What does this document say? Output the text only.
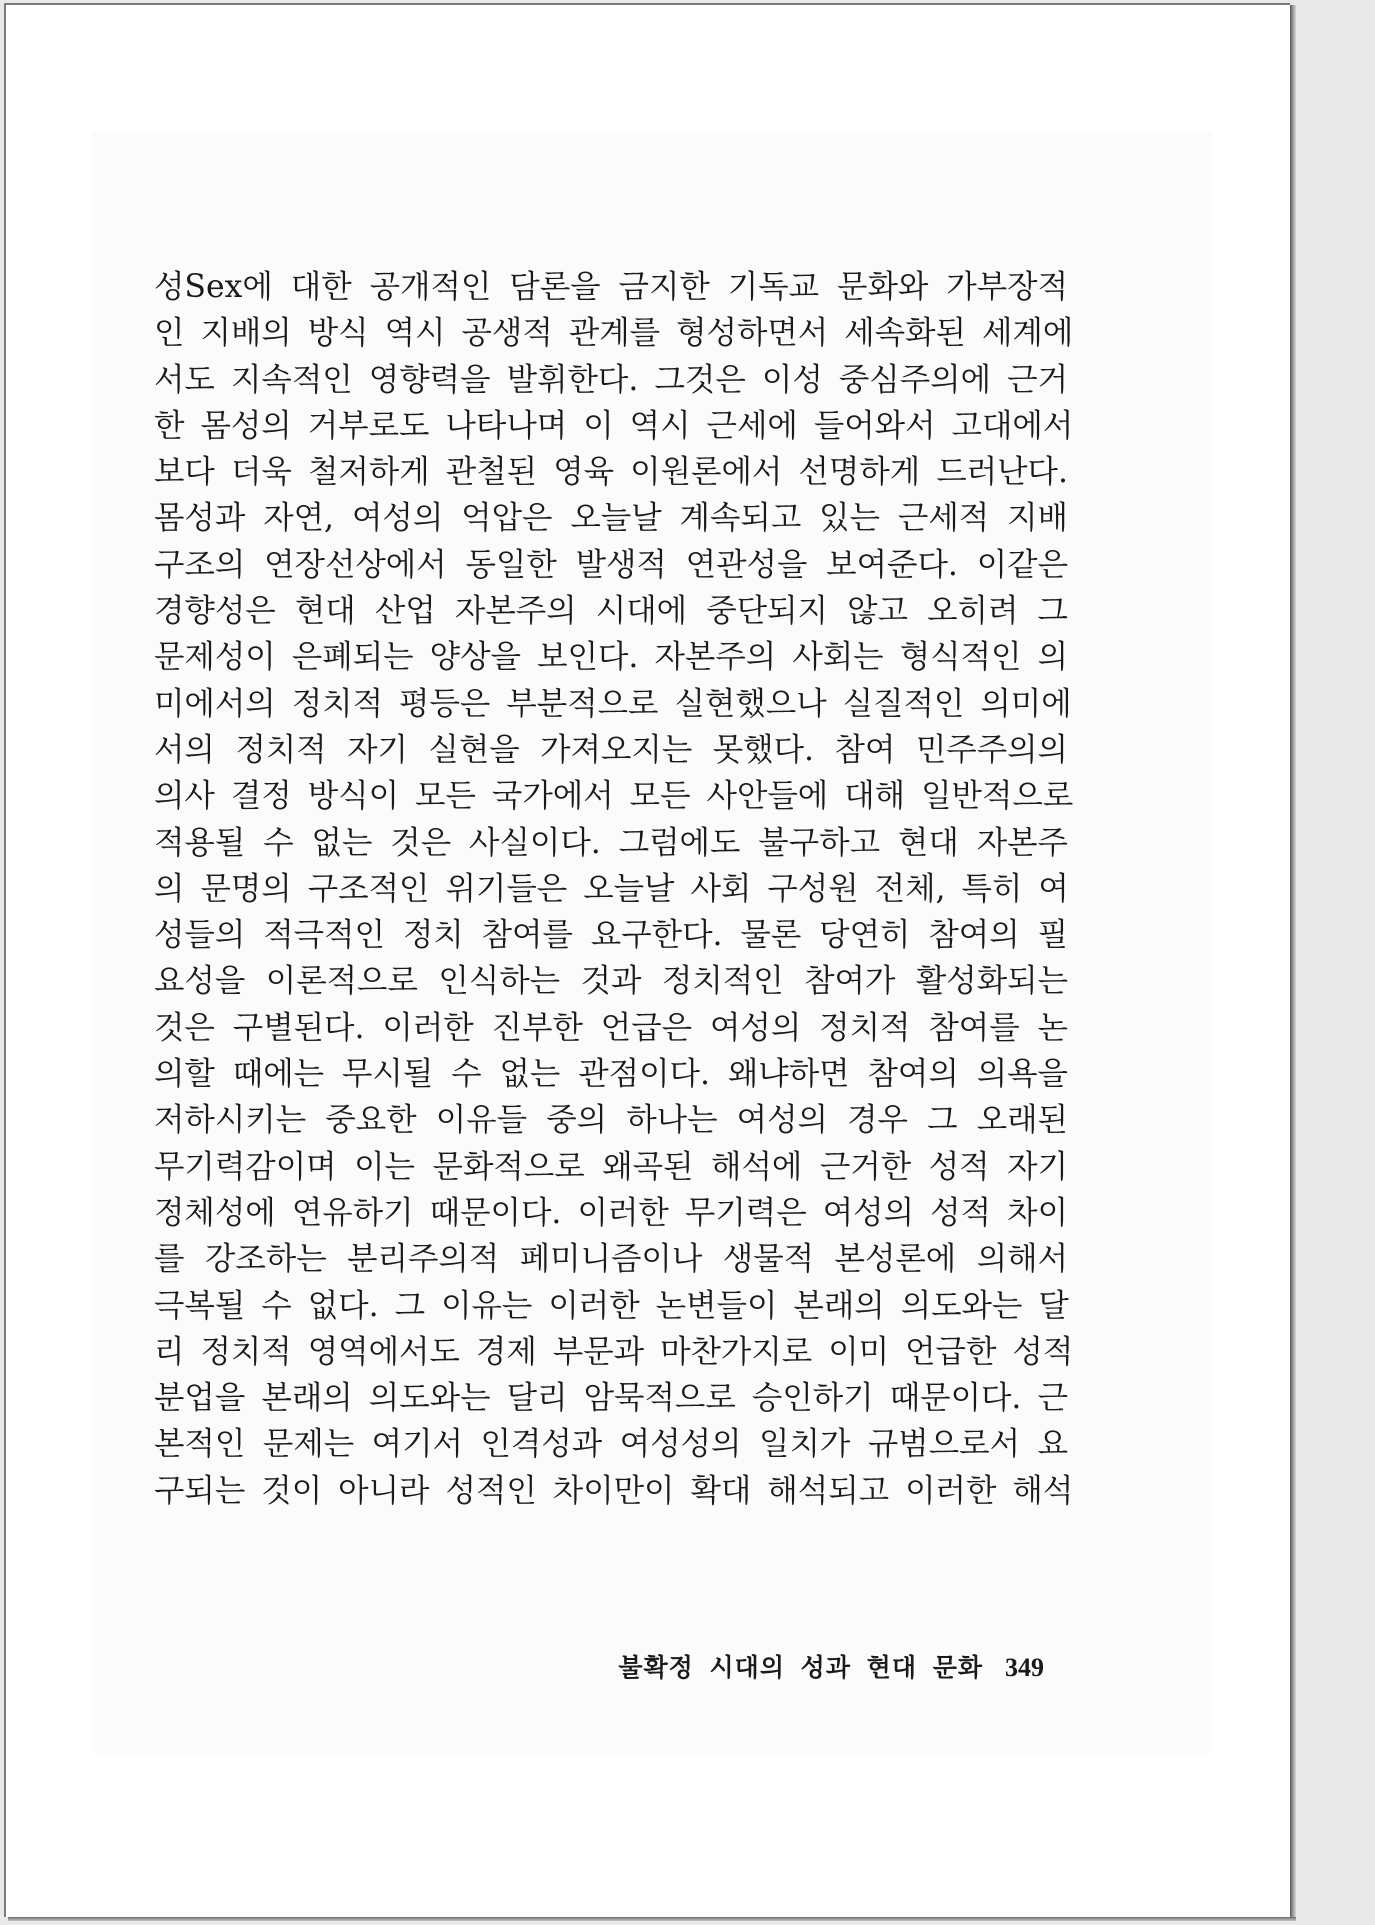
성Sex에 대한 공개적인 담론을 금지한 기독교 문화와 가부장적
인 지배의 방식 역시 공생적 관계를 형성하면서 세속화된 세계에
서도 지속적인 영향력을 발휘한다. 그것은 이성 중심주의에 근거
한 몸성의 거부로도 나타나며 이 역시 근세에 들어와서 고대에서
보다 더욱 철저하게 관철된 영육 이원론에서 선명하게 드러난다.
몸성과 자연, 여성의 억압은 오늘날 계속되고 있는 근세적 지배
구조의 연장선상에서 동일한 발생적 연관성을 보여준다. 이같은
경향성은 현대 산업 자본주의 시대에 중단되지 않고 오히려 그
문제성이 은폐되는 양상을 보인다. 자본주의 사회는 형식적인 의
미에서의 정치적 평등은 부분적으로 실현했으나 실질적인 의미에
서의 정치적 자기 실현을 가져오지는 못했다. 참여 민주주의의
의사 결정 방식이 모든 국가에서 모든 사안들에 대해 일반적으로
적용될 수 없는 것은 사실이다. 그럼에도 불구하고 현대 자본주
의 문명의 구조적인 위기들은 오늘날 사회 구성원 전체, 특히 여
성들의 적극적인 정치 참여를 요구한다. 물론 당연히 참여의 필
요성을 이론적으로 인식하는 것과 정치적인 참여가 활성화되는
것은 구별된다. 이러한 진부한 언급은 여성의 정치적 참여를 논
의할 때에는 무시될 수 없는 관점이다. 왜냐하면 참여의 의욕을
저하시키는 중요한 이유들 중의 하나는 여성의 경우 그 오래된
무기력감이며 이는 문화적으로 왜곡된 해석에 근거한 성적 자기
정체성에 연유하기 때문이다. 이러한 무기력은 여성의 성적 차이
를 강조하는 분리주의적 페미니즘이나 생물적 본성론에 의해서
극복될 수 없다. 그 이유는 이러한 논변들이 본래의 의도와는 달
리 정치적 영역에서도 경제 부문과 마찬가지로 이미 언급한 성적
분업을 본래의 의도와는 달리 암묵적으로 승인하기 때문이다. 근
본적인 문제는 여기서 인격성과 여성성의 일치가 규범으로서 요
구되는 것이 아니라 성적인 차이만이 확대 해석되고 이러한 해석
불확정 시대의 성과 현대 문화 349
